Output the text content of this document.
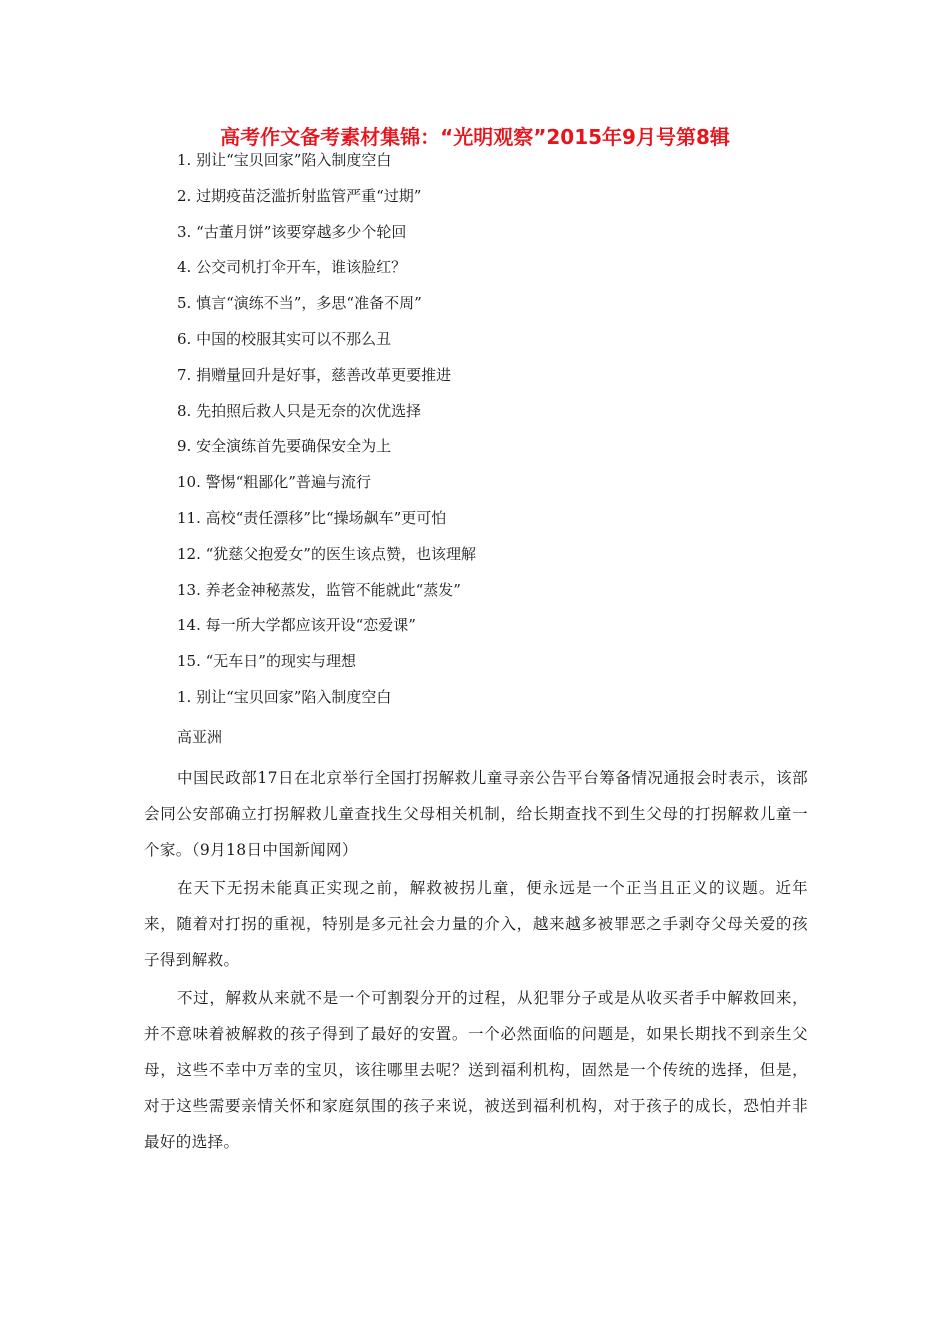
高考作文备考素材集锦：“光明观察”2015年9月号第8辑
1. 别让“宝贝回家”陷入制度空白
2. 过期疫苗泛滥折射监管严重“过期”
3. “古董月饼”该要穿越多少个轮回
4. 公交司机打伞开车，谁该脸红？
5. 慎言“演练不当”，多思“准备不周”
6. 中国的校服其实可以不那么丑
7. 捐赠量回升是好事，慈善改革更要推进
8. 先拍照后救人只是无奈的次优选择
9. 安全演练首先要确保安全为上
10. 警惕“粗鄙化”普遍与流行
11. 高校“责任漂移”比“操场飙车”更可怕
12. “犹慈父抱爱女”的医生该点赞，也该理解
13. 养老金神秘蒸发，监管不能就此“蒸发”
14. 每一所大学都应该开设“恋爱课”
15. “无车日”的现实与理想
1. 别让“宝贝回家”陷入制度空白
高亚洲

中国民政部17日在北京举行全国打拐解救儿童寻亲公告平台筹备情况通报会时表示，该部会同公安部确立打拐解救儿童查找生父母相关机制，给长期查找不到生父母的打拐解救儿童一个家。（9月18日中国新闻网）

在天下无拐未能真正实现之前，解救被拐儿童，便永远是一个正当且正义的议题。近年来，随着对打拐的重视，特别是多元社会力量的介入，越来越多被罪恶之手剥夺父母关爱的孩子得到解救。

不过，解救从来就不是一个可割裂分开的过程，从犯罪分子或是从收买者手中解救回来，并不意味着被解救的孩子得到了最好的安置。一个必然面临的问题是，如果长期找不到亲生父母，这些不幸中万幸的宝贝，该往哪里去呢？送到福利机构，固然是一个传统的选择，但是，对于这些需要亲情关怀和家庭氛围的孩子来说，被送到福利机构，对于孩子的成长，恐怕并非最好的选择。
